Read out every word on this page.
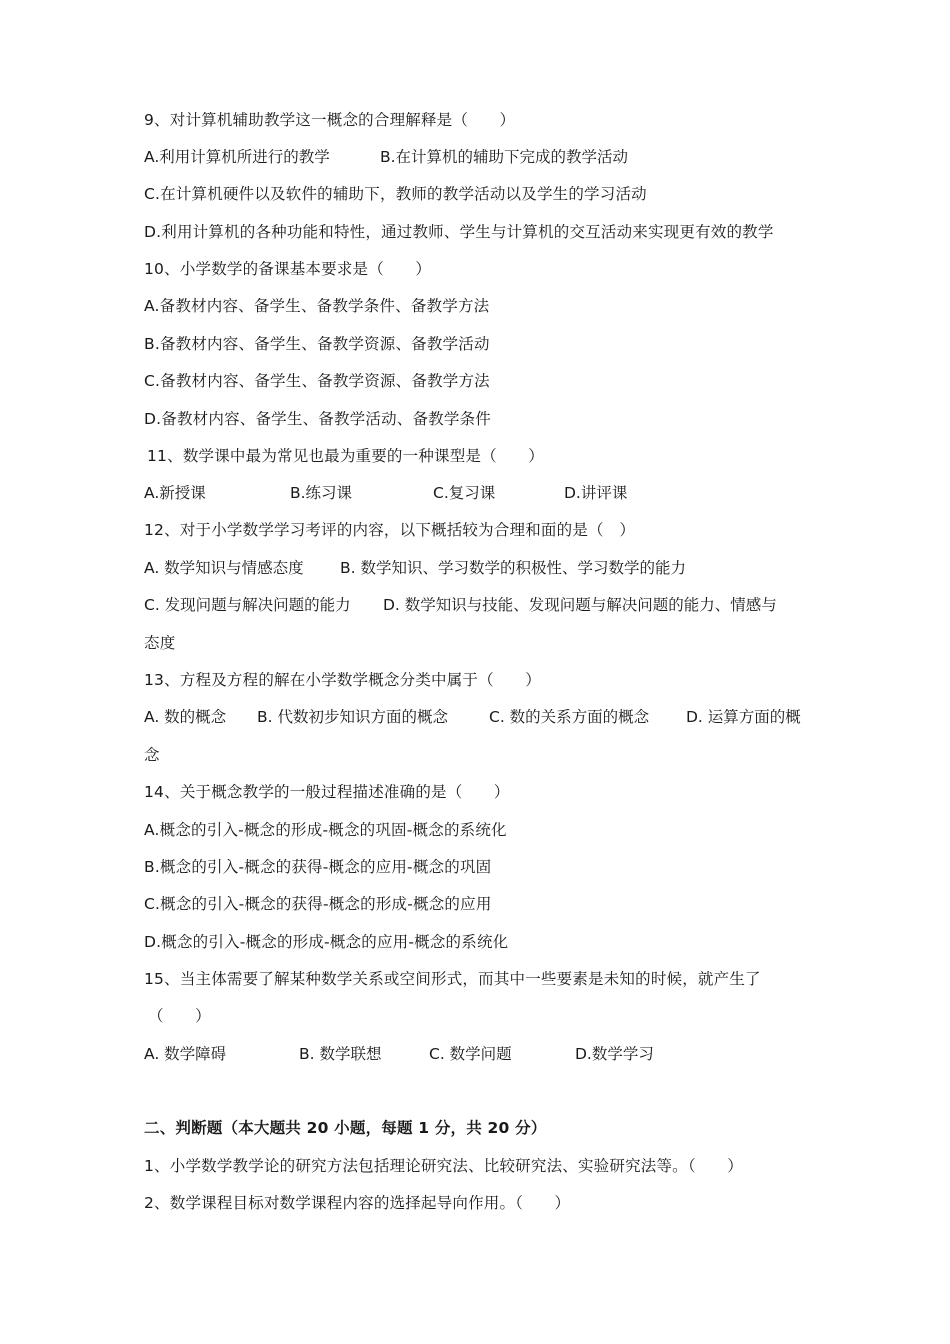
9、对计算机辅助教学这一概念的合理解释是（　　）
A.利用计算机所进行的教学	B.在计算机的辅助下完成的教学活动
C.在计算机硬件以及软件的辅助下，教师的教学活动以及学生的学习活动
D.利用计算机的各种功能和特性，通过教师、学生与计算机的交互活动来实现更有效的教学
10、小学数学的备课基本要求是（　　）
A.备教材内容、备学生、备教学条件、备教学方法
B.备教材内容、备学生、备教学资源、备教学活动
C.备教材内容、备学生、备教学资源、备教学方法
D.备教材内容、备学生、备教学活动、备教学条件
11、数学课中最为常见也最为重要的一种课型是（　　）
A.新授课	B.练习课	C.复习课	D.讲评课
12、对于小学数学学习考评的内容，以下概括较为合理和面的是（　）
A. 数学知识与情感态度 B. 数学知识、学习数学的积极性、学习数学的能力
C. 发现问题与解决问题的能力 D. 数学知识与技能、发现问题与解决问题的能力、情感与
态度
13、方程及方程的解在小学数学概念分类中属于（　　）
A. 数的概念 B. 代数初步知识方面的概念	C. 数的关系方面的概念 D. 运算方面的概
念
14、关于概念教学的一般过程描述准确的是（　　）
A.概念的引入-概念的形成-概念的巩固-概念的系统化
B.概念的引入-概念的获得-概念的应用-概念的巩固
C.概念的引入-概念的获得-概念的形成-概念的应用
D.概念的引入-概念的形成-概念的应用-概念的系统化
15、当主体需要了解某种数学关系或空间形式，而其中一些要素是未知的时候，就产生了
（　　）
A. 数学障碍	B. 数学联想	C. 数学问题	D.数学学习
二、判断题（本大题共 20 小题，每题 1 分，共 20 分）
1、小学数学教学论的研究方法包括理论研究法、比较研究法、实验研究法等。（　　）
2、数学课程目标对数学课程内容的选择起导向作用。（　　）
